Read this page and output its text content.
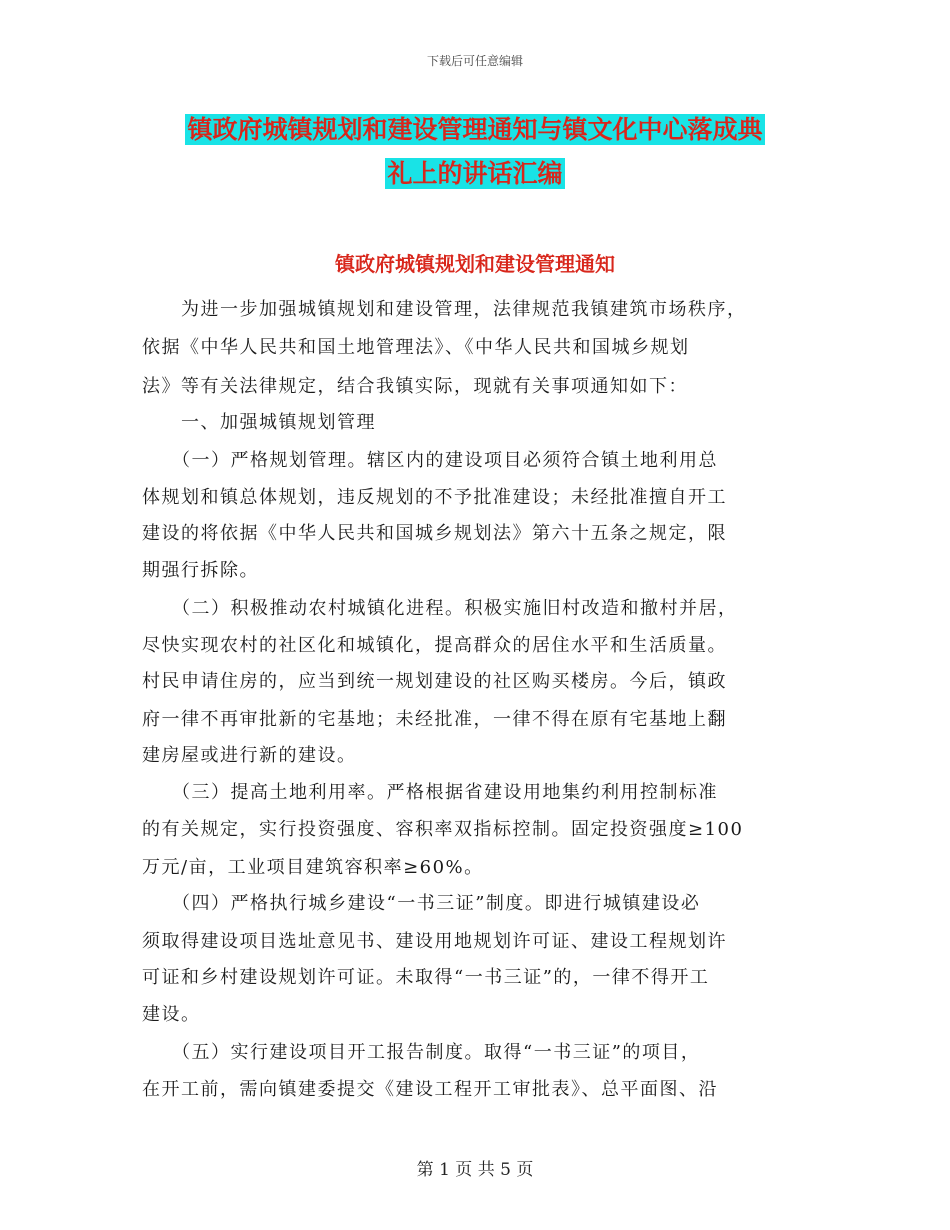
下载后可任意编辑
镇政府城镇规划和建设管理通知与镇文化中心落成典
礼上的讲话汇编
镇政府城镇规划和建设管理通知
　　为进一步加强城镇规划和建设管理，法律规范我镇建筑市场秩序，
依据《中华人民共和国土地管理法》、《中华人民共和国城乡规划
法》等有关法律规定，结合我镇实际，现就有关事项通知如下：
　　一、加强城镇规划管理
　　（一）严格规划管理。辖区内的建设项目必须符合镇土地利用总
体规划和镇总体规划，违反规划的不予批准建设；未经批准擅自开工
建设的将依据《中华人民共和国城乡规划法》第六十五条之规定，限
期强行拆除。
　　（二）积极推动农村城镇化进程。积极实施旧村改造和撤村并居，
尽快实现农村的社区化和城镇化，提高群众的居住水平和生活质量。
村民申请住房的，应当到统一规划建设的社区购买楼房。今后，镇政
府一律不再审批新的宅基地；未经批准，一律不得在原有宅基地上翻
建房屋或进行新的建设。
　　（三）提高土地利用率。严格根据省建设用地集约利用控制标准
的有关规定，实行投资强度、容积率双指标控制。固定投资强度≥100
万元/亩，工业项目建筑容积率≥60%。
　　（四）严格执行城乡建设“一书三证”制度。即进行城镇建设必
须取得建设项目选址意见书、建设用地规划许可证、建设工程规划许
可证和乡村建设规划许可证。未取得“一书三证”的，一律不得开工
建设。
　　（五）实行建设项目开工报告制度。取得“一书三证”的项目，
在开工前，需向镇建委提交《建设工程开工审批表》、总平面图、沿
第 1 页 共 5 页
